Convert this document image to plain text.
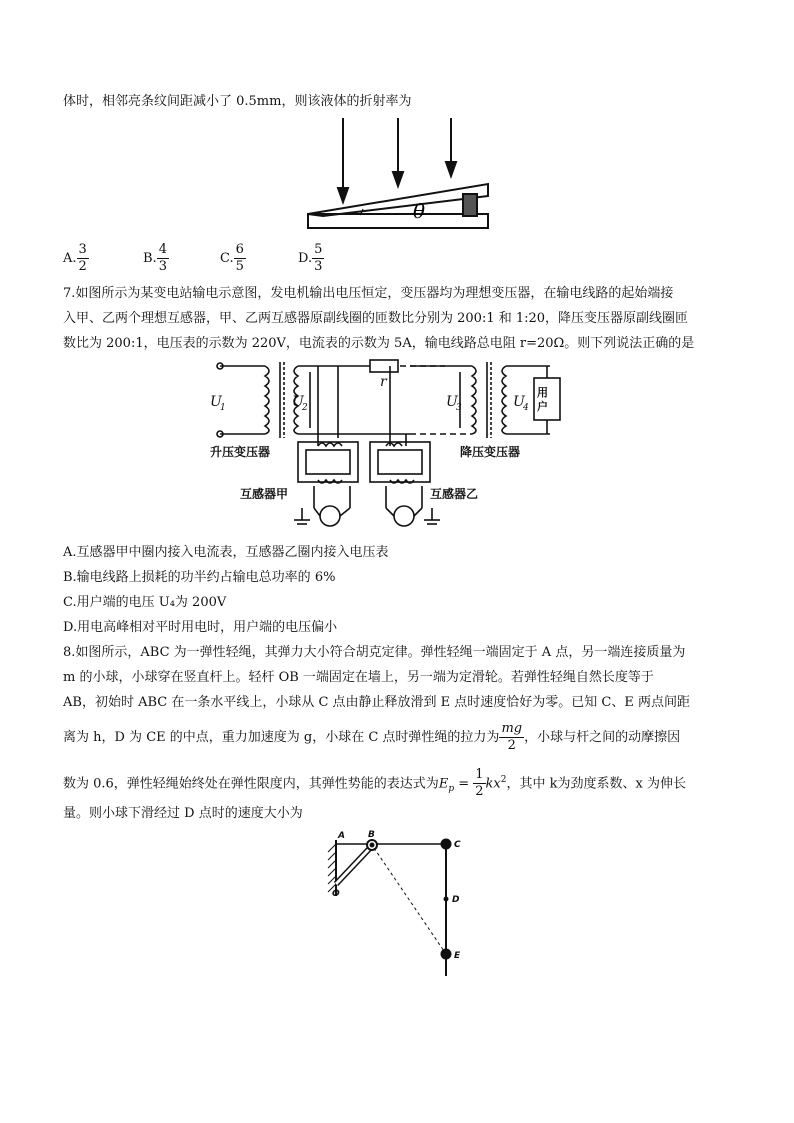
体时，相邻亮条纹间距减小了 0.5mm，则该液体的折射率为
θ
A. $\frac{3}{2}$	B. $\frac{4}{3}$	C. $\frac{6}{5}$	D. $\frac{5}{3}$
7.如图所示为某变电站输电示意图，发电机输出电压恒定，变压器均为理想变压器，在输电线路的起始端接
入甲、乙两个理想互感器，甲、乙两互感器原副线圈的匝数比分别为 200:1 和 1:20，降压变压器原副线圈匝
数比为 200:1，电压表的示数为 220V，电流表的示数为 5A，输电线路总电阻 r=20Ω。则下列说法正确的是
U
1	U
2	U
3	U
4
r
用户
升压变压器	降压变压器
互感器甲	互感器乙
A.互感器甲中圈内接入电流表，互感器乙圈内接入电压表
B.输电线路上损耗的功半约占输电总功率的 6%
C.用户端的电压 U₄为 200V
D.用电高峰相对平时用电时，用户端的电压偏小
8.如图所示，ABC 为一弹性轻绳，其弹力大小符合胡克定律。弹性轻绳一端固定于 A 点，另一端连接质量为
m 的小球，小球穿在竖直杆上。轻杆 OB 一端固定在墙上，另一端为定滑轮。若弹性轻绳自然长度等于
AB，初始时 ABC 在一条水平线上，小球从 C 点由静止释放滑到 E 点时速度恰好为零。已知 C、E 两点间距
离为 h，D 为 CE 的中点，重力加速度为 g，小球在 C 点时弹性绳的拉力为 $\frac{mg}{2}$ ，小球与杆之间的动摩擦因
数为 0.6，弹性轻绳始终处在弹性限度内，其弹性势能的表达式为$E_p = \frac{1}{2} kx^2$，其中 k为劲度系数、x 为伸长
量。则小球下滑经过 D 点时的速度大小为
A	B
C
D
E
O
